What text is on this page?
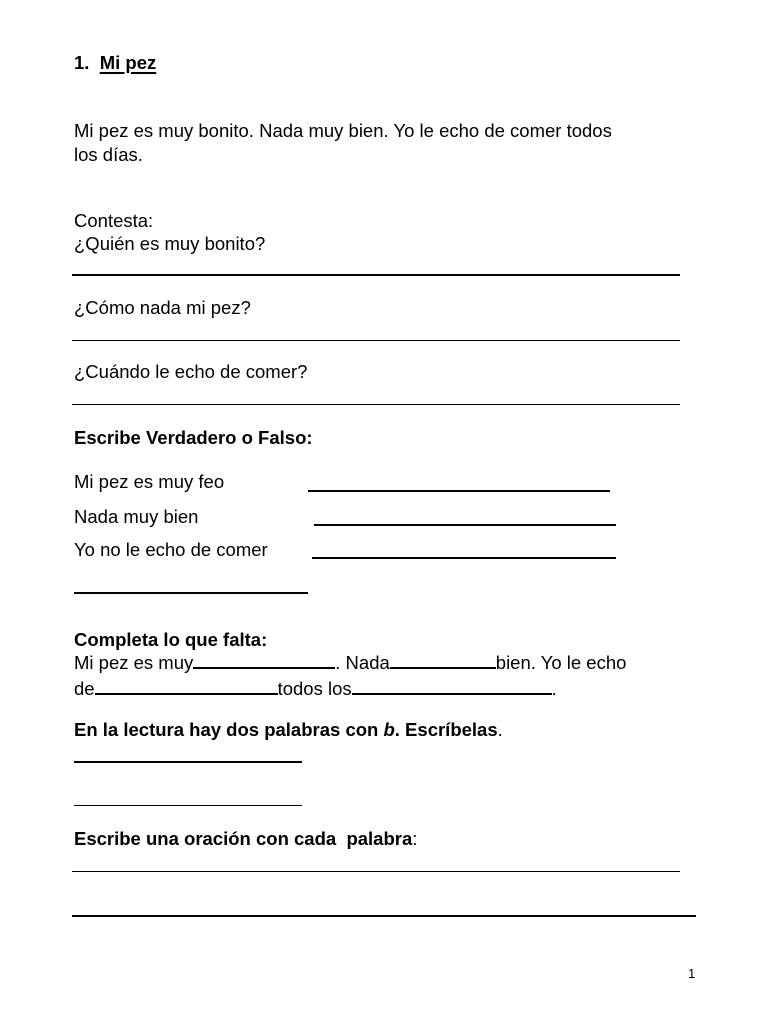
1. Mi pez
Mi pez es muy bonito. Nada muy bien. Yo le echo de comer todos
los días.
Contesta:
¿Quién es muy bonito?
¿Cómo nada mi pez?
¿Cuándo le echo de comer?
Escribe Verdadero o Falso:
Mi pez es muy feo
Nada muy bien
Yo no le echo de comer
Completa lo que falta:
Mi pez es muy	. Nada	bien. Yo le echo
de	todos los	.
En la lectura hay dos palabras con b. Escríbelas.
Escribe una oración con cada  palabra:
1
